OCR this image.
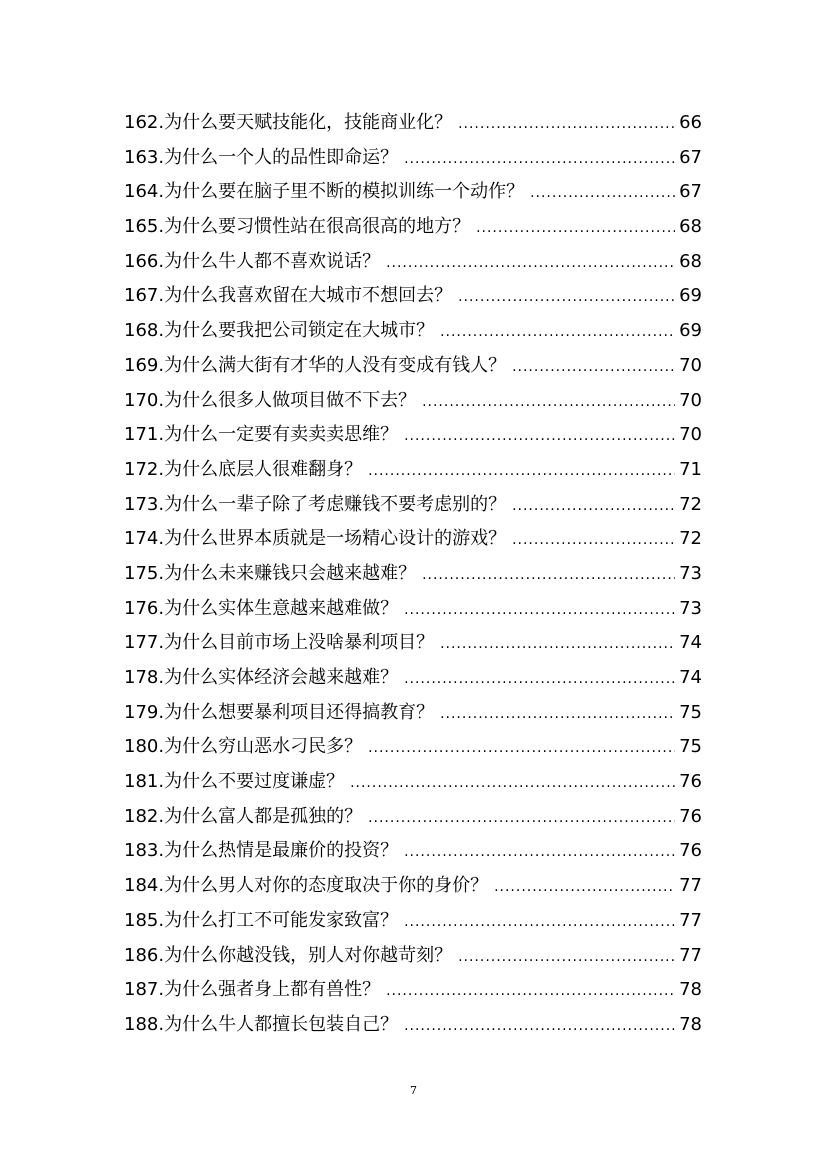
162.为什么要天赋技能化，技能商业化？ .....	66
163.为什么一个人的品性即命运？ .....	67
164.为什么要在脑子里不断的模拟训练一个动作？ .....	67
165.为什么要习惯性站在很高很高的地方？ .....	68
166.为什么牛人都不喜欢说话？ .....	68
167.为什么我喜欢留在大城市不想回去？ .....	69
168.为什么要我把公司锁定在大城市？ .....	69
169.为什么满大街有才华的人没有变成有钱人？ .....	70
170.为什么很多人做项目做不下去？ .....	70
171.为什么一定要有卖卖卖思维？ .....	70
172.为什么底层人很难翻身？ .....	71
173.为什么一辈子除了考虑赚钱不要考虑别的？ .....	72
174.为什么世界本质就是一场精心设计的游戏？ .....	72
175.为什么未来赚钱只会越来越难？ .....	73
176.为什么实体生意越来越难做？ .....	73
177.为什么目前市场上没啥暴利项目？ .....	74
178.为什么实体经济会越来越难？ .....	74
179.为什么想要暴利项目还得搞教育？ .....	75
180.为什么穷山恶水刁民多？ .....	75
181.为什么不要过度谦虚？ .....	76
182.为什么富人都是孤独的？ .....	76
183.为什么热情是最廉价的投资？ .....	76
184.为什么男人对你的态度取决于你的身价？ .....	77
185.为什么打工不可能发家致富？ .....	77
186.为什么你越没钱，别人对你越苛刻？ .....	77
187.为什么强者身上都有兽性？ .....	78
188.为什么牛人都擅长包装自己？ .....	78
7
